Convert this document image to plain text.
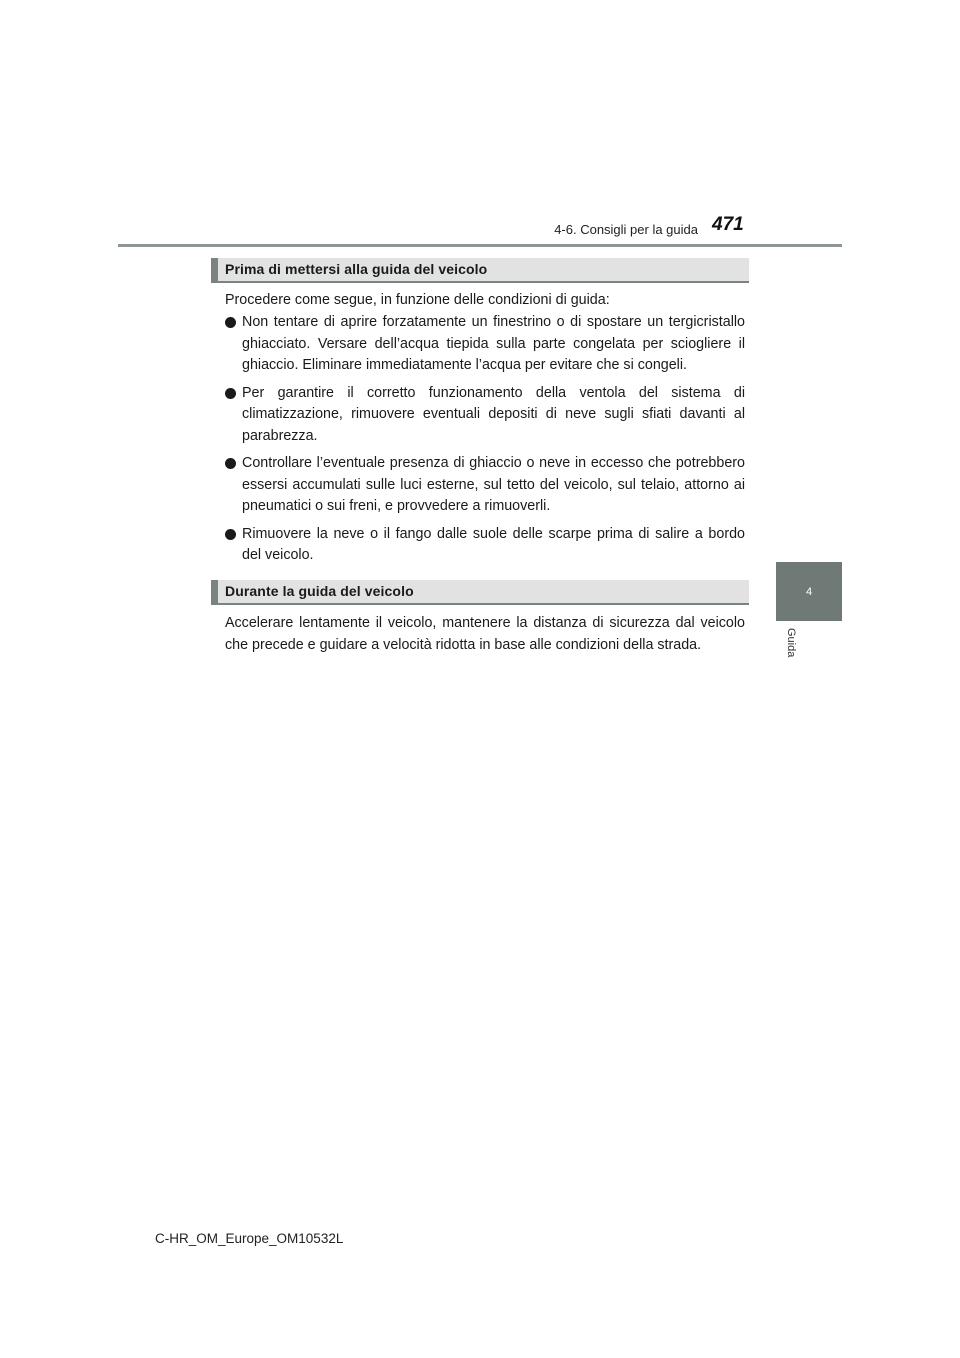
4-6. Consigli per la guida 471
4
Guida
Prima di mettersi alla guida del veicolo
Procedere come segue, in funzione delle condizioni di guida:
Non tentare di aprire forzatamente un finestrino o di spostare un tergicristallo ghiacciato. Versare dell’acqua tiepida sulla parte congelata per sciogliere il ghiaccio. Eliminare immediatamente l’acqua per evitare che si congeli.
Per garantire il corretto funzionamento della ventola del sistema di climatizzazione, rimuovere eventuali depositi di neve sugli sfiati davanti al parabrezza.
Controllare l’eventuale presenza di ghiaccio o neve in eccesso che potrebbero essersi accumulati sulle luci esterne, sul tetto del veicolo, sul telaio, attorno ai pneumatici o sui freni, e provvedere a rimuoverli.
Rimuovere la neve o il fango dalle suole delle scarpe prima di salire a bordo del veicolo.
Durante la guida del veicolo
Accelerare lentamente il veicolo, mantenere la distanza di sicurezza dal veicolo che precede e guidare a velocità ridotta in base alle condizioni della strada.
C-HR_OM_Europe_OM10532L
